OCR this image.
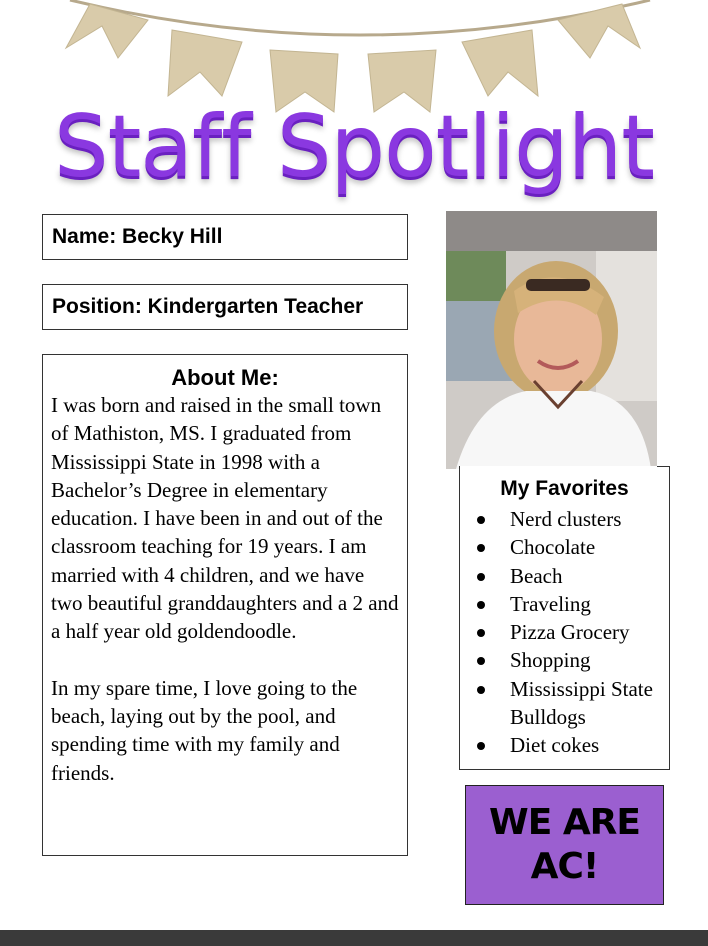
Staff Spotlight
Name: Becky Hill
Position: Kindergarten Teacher
About Me:

I was born and raised in the small town of Mathiston, MS. I graduated from Mississippi State in 1998 with a Bachelor’s Degree in elementary education. I have been in and out of the classroom teaching for 19 years. I am married with 4 children, and we have two beautiful granddaughters and a 2 and a half year old goldendoodle.

In my spare time, I love going to the beach, laying out by the pool, and spending time with my family and friends.

My Favorites
Nerd clusters
Chocolate
Beach
Traveling
Pizza Grocery
Shopping
Mississippi State Bulldogs
Diet cokes
WE ARE
AC!
